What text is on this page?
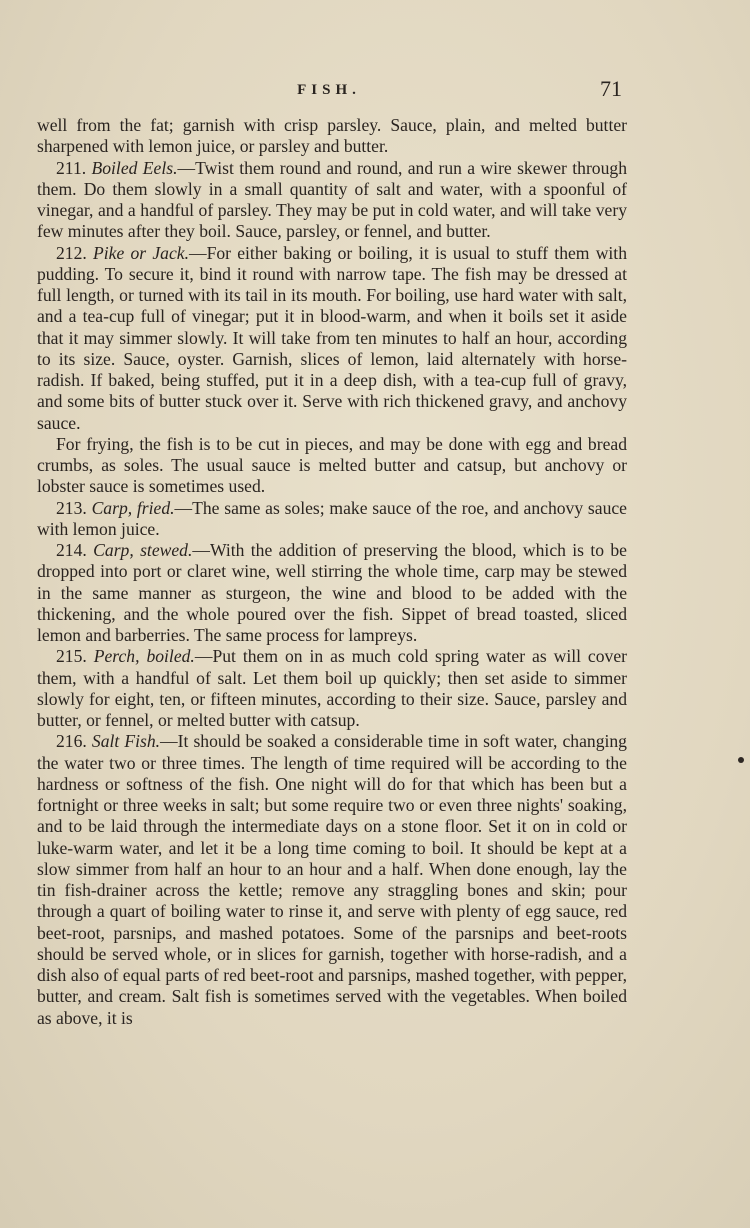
FISH.	71

well from the fat; garnish with crisp parsley. Sauce, plain, and melted butter sharpened with lemon juice, or parsley and butter.

211. Boiled Eels.—Twist them round and round, and run a wire skewer through them. Do them slowly in a small quantity of salt and water, with a spoonful of vinegar, and a handful of parsley. They may be put in cold water, and will take very few minutes after they boil. Sauce, parsley, or fennel, and butter.

212. Pike or Jack.—For either baking or boiling, it is usual to stuff them with pudding. To secure it, bind it round with narrow tape. The fish may be dressed at full length, or turned with its tail in its mouth. For boiling, use hard water with salt, and a tea-cup full of vinegar; put it in blood-warm, and when it boils set it aside that it may simmer slowly. It will take from ten minutes to half an hour, according to its size. Sauce, oyster. Garnish, slices of lemon, laid alternately with horse-radish. If baked, being stuffed, put it in a deep dish, with a tea-cup full of gravy, and some bits of butter stuck over it. Serve with rich thickened gravy, and anchovy sauce.

For frying, the fish is to be cut in pieces, and may be done with egg and bread crumbs, as soles. The usual sauce is melted butter and catsup, but anchovy or lobster sauce is sometimes used.

213. Carp, fried.—The same as soles; make sauce of the roe, and anchovy sauce with lemon juice.

214. Carp, stewed.—With the addition of preserving the blood, which is to be dropped into port or claret wine, well stirring the whole time, carp may be stewed in the same manner as sturgeon, the wine and blood to be added with the thickening, and the whole poured over the fish. Sippet of bread toasted, sliced lemon and barberries. The same process for lampreys.

215. Perch, boiled.—Put them on in as much cold spring water as will cover them, with a handful of salt. Let them boil up quickly; then set aside to simmer slowly for eight, ten, or fifteen minutes, according to their size. Sauce, parsley and butter, or fennel, or melted butter with catsup.

216. Salt Fish.—It should be soaked a considerable time in soft water, changing the water two or three times. The length of time required will be according to the hardness or softness of the fish. One night will do for that which has been but a fortnight or three weeks in salt; but some require two or even three nights' soaking, and to be laid through the intermediate days on a stone floor. Set it on in cold or luke-warm water, and let it be a long time coming to boil. It should be kept at a slow simmer from half an hour to an hour and a half. When done enough, lay the tin fish-drainer across the kettle; remove any straggling bones and skin; pour through a quart of boiling water to rinse it, and serve with plenty of egg sauce, red beet-root, parsnips, and mashed potatoes. Some of the parsnips and beet-roots should be served whole, or in slices for garnish, together with horse-radish, and a dish also of equal parts of red beet-root and parsnips, mashed together, with pepper, butter, and cream. Salt fish is sometimes served with the vegetables. When boiled as above, it is
